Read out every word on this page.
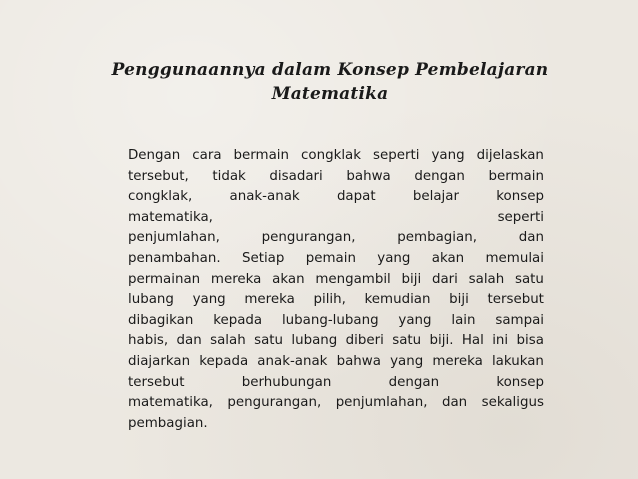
Penggunaannya dalam Konsep Pembelajaran
Matematika
Dengan cara bermain congklak seperti yang dijelaskan
tersebut, tidak disadari bahwa dengan bermain
congklak,	anak-anak	dapat	belajar	konsep
matematika,	seperti
penjumlahan,	pengurangan,	pembagian,	dan
penambahan. Setiap pemain yang akan memulai
permainan mereka akan mengambil biji dari salah satu
lubang yang mereka pilih, kemudian biji tersebut
dibagikan kepada lubang-lubang yang lain sampai
habis, dan salah satu lubang diberi satu biji. Hal ini bisa
diajarkan kepada anak-anak bahwa yang mereka lakukan
tersebut	berhubungan	dengan	konsep
matematika, pengurangan, penjumlahan, dan sekaligus
pembagian.
